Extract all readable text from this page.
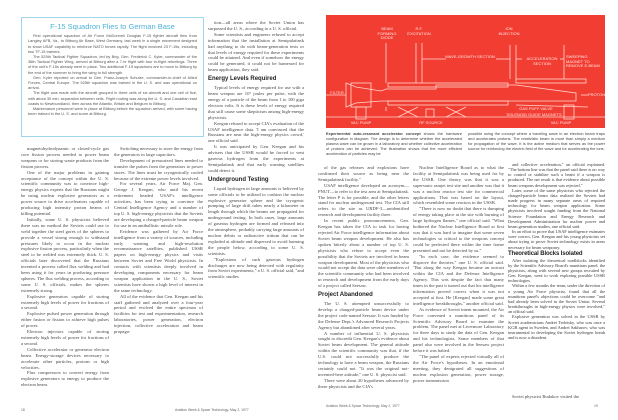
F-15 Squadron Flies to German Base

First operational squadron of Air Force McDonnell Douglas F-15 fighter aircraft flew from Langley AFB, Va., to Bitburg Air Base, West Germany, last week in a single movement designed to show USAF capability to reinforce NATO forces rapidly. The flight involved 23 F-15s, including two TF-15 trainers.

The 525th Tactical Fighter Squadron, led by Brig. Gen. Frederick C. Kyler, commander of the 36th Tactical Fighter Wing, arrived at Bitburg after a 7-hr flight with four in-flight refuelings. Three of the unit's F-15s already were in place. Two additional F-15 squadrons are to move to Bitburg by the end of the summer to bring the wing to full strength.

Gen. Kyler reported on arrival to Gen. Franz-Joseph Schulze, commander-in-chief of Allied Forces, Central Europe. The 525th squadron was trained in the U. S. and was operational on arrival.

The flight was made with the aircraft grouped in three cells of six aircraft and one cell of five, with about 30 min. separation between cells. Flight routing was along the U. S. and Canadian east coasts to Newfoundland, then across the Atlantic, Britain and Belgium to Bitburg.

Maintenance personnel were in place at Bitburg before the squadron arrived, with some having been trained in the U. S. and some at Bitburg.

magnetohydrodynamic or closed-cycle gas core fission process needed to power beam weapons or for storing waste products from the fission process.

One of the major problems in gaining acceptance of the concept within the U. S. scientific community was to convince high-energy physics experts that the Russians might be using nuclear explosive generators as a power source to drive accelerators capable of producing high intensity proton beams of killing potential.

Initially, some U. S. physicists believed there was no method the Soviets could use to weld together the steel gores of the spheres to provide a vessel strong enough to withstand pressures likely to occur in the nuclear explosive fission process, particularly when the steel to be welded was extremely thick. U. S. officials later discovered that the Russians invented a process called flux welding and had been using it for years in producing pressure spheres. The flux welding process, according to some U. S. officials, makes the spheres extremely strong.

Explosive generators capable of storing extremely high levels of power for fractions of a second.

Explosive pulsed power generation through either fusion or fission to achieve high pulses of power.

Electron injectors capable of storing extremely high levels of power for fractions of a second.

Collective accelerator or generator electron beam. Energy-storage devices necessary to accelerate other particles, protons or high velocities.

Flux compressors to convert energy from explosive generators to energy to produce the electron beam.

Switching necessary to store the energy from the generators in large capacitors.

Development of pressurized lines needed to transfer the pulses from the generators to power stores. The lines must be cryogenically cooled because of the extreme power levels involved.

For several years, Air Force Maj. Gen. George J. Keegan, who until his recent retirement headed USAF's intelligence activities, has been trying to convince the Central Intelligence Agency and a number of top U. S. high-energy physicists that the Soviets are developing a charged-particle beam weapon for use in an antiballistic missile role.

Evidence was gathered by Air Force intelligence from a variety of sources, including early warning and high-resolution reconnaissance satellites, published USSR papers on high-energy physics and visits between Soviet and Free World physicists. In contacts with scientists deeply involved in developing components necessary for beam weapon application in the U. S., Soviet scientists have shown a high level of interest in the same technology.

All of the evidence that Gen. Keegan and his staff gathered and analyzed over a four-year period and evolved the entire spectrum of facilities for test and experimentation, research laboratories, power generation, electron injection, collective acceleration and beam propaga-

tion—all areas where the Soviet Union has surpassed the U. S., according to a U. S. official.

Some scientists and engineers refused to accept information that the installation at Semipalatinsk had anything to do with beam-generation tests or that levels of energy required for these experiments could be attained. And even if somehow the energy could be generated, it could not be harnessed for beam application, they said.

Energy Levels Required

Typical levels of energy required for use with a beam weapon are 10⁷ joules per pulse, with the energy of a particle of the beam from 1 to 100 giga electron volts. It is these levels of energy required that still cause some skepticism among high-energy physicists.

Keegan refused to accept CIA's evaluation of the USAF intelligence data. 'I am convinced that the Russians are near the high-energy physics crowd,' one official said.

It was anticipated by Gen. Keegan and his advisers that the USSR would be forced to vent gaseous hydrogen from the experiments at Semipalatinsk and that early warning satellites could detect it.

Underground Testing

Liquid hydrogen in large amounts is believed by some officials to be utilized to cushion the nuclear explosive generator sphere and the cryogenic pumping of large drift tubes nearly a kilometer in length through which the beams are propagated for underground testing. In both cases, large amounts of gaseous hydrogen are formed and released into the atmosphere, probably carrying large amounts of nuclear debris or radioactive tritium that can be exploded at altitude and dispersed to avoid harming the people below, according to some U. S. scientists.

"Explosions of such gaseous hydrogen discharges are now being detected with regularity from Soviet experiments," a U. S. official said, "and scientific studies

18	Aviation Week & Space Technology, May 2, 1977
BEAM FORMING DIODE
R.F. EXCITATION
ION INJECTION
WAVE-GROWTH SECTION	ACCELERATION SECTION
SWEEPING MAGNET TO REMOVE E-BEAM
FILTER	PROTON
GAS PUFF VALVE
SOLENOID GUIDE MAGNETS
VAC PUMP	RF SOURCE	VAC PUMP
Experimental auto-resonant accelerator concept shows the hardware configuration in diagram. The design is to determine whether the accelerated plasma wave can be grown in a laboratory and whether collective acceleration of protons can be achieved. The illustration shows that the more efficient acceleration of particles may be
possible using the concept where a traveling wave in an electron beam traps and accelerates protons. The relativistic beam is more than simply a medium for propagation of the wave. It is the active medium that serves as the power source for reinforcing the electric field of the wave and for accelerating the ions.

of the gas releases and explosions have confirmed their source as being near the Semipalatinsk facility."

USAF intelligence developed an acronym—PNUT—to refer to the test area at Semipalatinsk. The letter P is for possible, and the other letters stand for nuclear underground test. The CIA still refers to the site as URDF-3—unidentified research and development facility three.

In recent public pronouncements, Gen. Keegan has taken the CIA to task for having rejected Air Force intelligence information about Soviet beam weapon development. He also has spoken bitterly about a number of top U. S. physicists who refuse to accept even the possibility that the Soviets are involved in beam weapon development. Most of the physicists who would not accept the data were older members of the scientific community who had been involved in research and development from the early days of a project called Seesaw.

Project Abandoned

The U. S. attempted unsuccessfully to develop a charged-particle beam device under the project code named Seesaw. It was funded by the Defense Dept.'s Advanced Research Projects Agency but abandoned after several years.

A number of influential U. S. physicists sought to discredit Gen. Keegan's evidence about Soviet beam development. The general attitude within the scientific community was that, if the U.S. could not successfully produce the technology to have a beam weapon, the Russians certainly could not. "It was the original not-invented-here attitude," one U. S. physicist said.

There were about 20 hypotheses advanced by these physicists and the CIA's

Nuclear Intelligence Board as to what the facility at Semipalatinsk was being used for by the USSR. One theory was that it was a supersonic ramjet test site and another was that it was a nuclear reactor test site for commercial applications. That was based on the layout, which resembled some reactors in the USSR.

"There is now no doubt that there is dumping of energy taking place at the site with burning of large hydrogen flames," one official said. "What bothered the Nuclear Intelligence Board at first was that it was hard to imagine that some seven technologies so critical to the weapons concept could be perfected there within the time frame presented and not be detected by us."

"In each case, the evidence seemed to disprove the theories," one U. S. official said. "But along the way Keegan became an outcast within the CIA and the Defense Intelligence Agency. This was despite the fact that many times in the past it turned out that his intelligence information proved correct when it was not accepted at first. He [Keegan] made some great intelligence breakthroughs," another official said.

As evidence of Soviet intent mounted, the Air Force convened a munitions panel of its Scientific Advisory Board to examine the problem. The panel met at Livermore Laboratory for three days to study the data of Gen. Keegan and his technologists. Some members of that panel also were involved in the Seesaw project before it was halted.

"The panel of experts rejected virtually all of the Air Force's hypotheses. In an emotional meeting, they denigrated all suggestions of nuclear explosion generation, power storage, power transmission

and collective acceleration," an official explained. "The bottom line was that the panel said there is no way to control or stabilize such a beam if a weapon is produced. The net result is that evidence about possible beam weapons development was rejected."

Later, some of the same physicists who rejected the charged-particle beam data realized the Soviets had made progress in many separate areas of required technology for beam weapon application. Some physicists involved sought funding from the National Science Foundation and Energy Research and Development Administration for nuclear power and beam generation studies, one official said.

In an effort to prove that USAF intelligence estimates were correct, Gen. Keegan and his young physicists set about trying to prove Soviet technology exists in areas necessary for beam weaponry.

Theoretical Blocks Isolated

After isolating the theoretical roadblocks identified by the Scientific Advisory Board's munitions panel, the physicists, along with several new groups recruited by Gen. Keegan, went to work exploring possible USSR technologies.

Within a few months the team, under the direction of a young Air Force physicist, found that all the munitions panel's objections could be overcome "and had already been solved in the Soviet Union. Several breakthroughs in high-energy physics were involved," an official said.

Explosive generation was solved in the USSR by Soviet academicians Andrei Terletsky, who was once a KGB agent in Sweden, and Andrei Sakharov, who was instrumental in developing the Soviet hydrogen bomb and is now a dissident.

Soviet physicist Rudakov visited the
Aviation Week & Space Technology, May 2, 1977	19
